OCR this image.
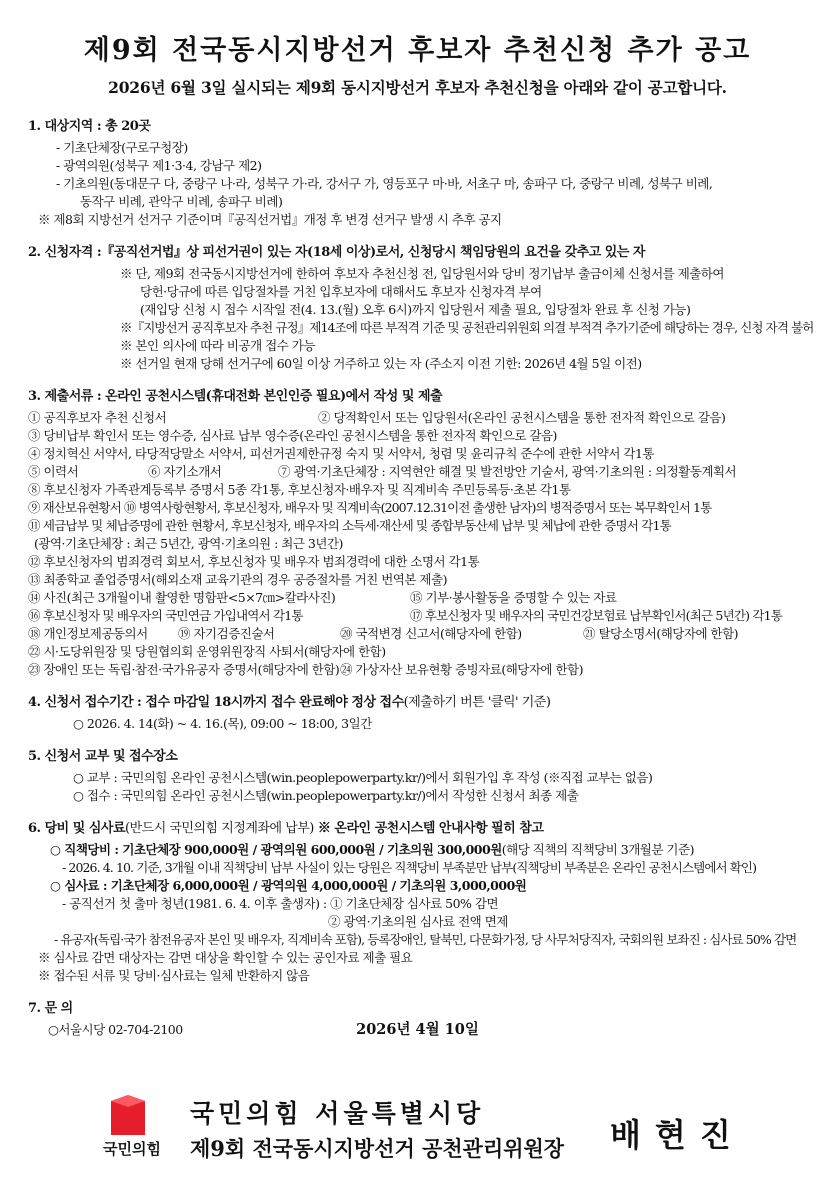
제9회 전국동시지방선거 후보자 추천신청 추가 공고
2026년 6월 3일 실시되는 제9회 동시지방선거 후보자 추천신청을 아래와 같이 공고합니다.
1. 대상지역 : 총 20곳
- 기초단체장(구로구청장)
- 광역의원(성북구 제1·3·4, 강남구 제2)
- 기초의원(동대문구 다, 중랑구 나·라, 성북구 가·라, 강서구 가, 영등포구 마·바, 서초구 마, 송파구 다, 중랑구 비례, 성북구 비례,
동작구 비례, 관악구 비례, 송파구 비례)
※ 제8회 지방선거 선거구 기준이며『공직선거법』개정 후 변경 선거구 발생 시 추후 공지
2. 신청자격 :『공직선거법』상 피선거권이 있는 자(18세 이상)로서, 신청당시 책임당원의 요건을 갖추고 있는 자
※ 단, 제9회 전국동시지방선거에 한하여 후보자 추천신청 전, 입당원서와 당비 정기납부 출금이체 신청서를 제출하여
당헌·당규에 따른 입당절차를 거친 입후보자에 대해서도 후보자 신청자격 부여
(재입당 신청 시 접수 시작일 전(4. 13.(월) 오후 6시)까지 입당원서 제출 필요, 입당절차 완료 후 신청 가능)
※『지방선거 공직후보자 추천 규정』제14조에 따른 부적격 기준 및 공천관리위원회 의결 부적격 추가기준에 해당하는 경우, 신청 자격 불허
※ 본인 의사에 따라 비공개 접수 가능
※ 선거일 현재 당해 선거구에 60일 이상 거주하고 있는 자 (주소지 이전 기한: 2026년 4월 5일 이전)
3. 제출서류 : 온라인 공천시스템(휴대전화 본인인증 필요)에서 작성 및 제출
① 공직후보자 추천 신청서	② 당적확인서 또는 입당원서(온라인 공천시스템을 통한 전자적 확인으로 갈음)
③ 당비납부 확인서 또는 영수증, 심사료 납부 영수증(온라인 공천시스템을 통한 전자적 확인으로 갈음)
④ 정치혁신 서약서, 타당적당말소 서약서, 피선거권제한규정 숙지 및 서약서, 청렴 및 윤리규칙 준수에 관한 서약서 각1통
⑤ 이력서	⑥ 자기소개서	⑦ 광역·기초단체장 : 지역현안 해결 및 발전방안 기술서, 광역·기초의원 : 의정활동계획서
⑧ 후보신청자 가족관계등록부 증명서 5종 각1통, 후보신청자·배우자 및 직계비속 주민등록등·초본 각1통
⑨ 재산보유현황서 ⑩ 병역사항현황서, 후보신청자, 배우자 및 직계비속(2007.12.31이전 출생한 남자)의 병적증명서 또는 복무확인서 1통
⑪ 세금납부 및 체납증명에 관한 현황서, 후보신청자, 배우자의 소득세·재산세 및 종합부동산세 납부 및 체납에 관한 증명서 각1통
(광역·기초단체장 : 최근 5년간, 광역·기초의원 : 최근 3년간)
⑫ 후보신청자의 범죄경력 회보서, 후보신청자 및 배우자 범죄경력에 대한 소명서 각1통
⑬ 최종학교 졸업증명서(해외소재 교육기관의 경우 공증절차를 거친 번역본 제출)
⑭ 사진(최근 3개월이내 촬영한 명함판<5×7㎝>칼라사진)	⑮ 기부·봉사활동을 증명할 수 있는 자료
⑯ 후보신청자 및 배우자의 국민연금 가입내역서 각1통	⑰ 후보신청자 및 배우자의 국민건강보험료 납부확인서(최근 5년간) 각1통
⑱ 개인정보제공동의서	⑲ 자기검증진술서	⑳ 국적변경 신고서(해당자에 한함)	㉑ 탈당소명서(해당자에 한함)
㉒ 시·도당위원장 및 당원협의회 운영위원장직 사퇴서(해당자에 한함)
㉓ 장애인 또는 독립·참전·국가유공자 증명서(해당자에 한함) ㉔ 가상자산 보유현황 증빙자료(해당자에 한함)
4. 신청서 접수기간 : 접수 마감일 18시까지 접수 완료해야 정상 접수(제출하기 버튼 '클릭' 기준)
○ 2026. 4. 14(화) ~ 4. 16.(목), 09:00 ~ 18:00, 3일간
5. 신청서 교부 및 접수장소
○ 교부 : 국민의힘 온라인 공천시스템(win.peoplepowerparty.kr/)에서 회원가입 후 작성 (※직접 교부는 없음)
○ 접수 : 국민의힘 온라인 공천시스템(win.peoplepowerparty.kr/)에서 작성한 신청서 최종 제출
6. 당비 및 심사료(반드시 국민의힘 지정계좌에 납부) ※ 온라인 공천시스템 안내사항 필히 참고
○ 직책당비 : 기초단체장 900,000원 / 광역의원 600,000원 / 기초의원 300,000원(해당 직책의 직책당비 3개월분 기준)
- 2026. 4. 10. 기준, 3개월 이내 직책당비 납부 사실이 있는 당원은 직책당비 부족분만 납부(직책당비 부족분은 온라인 공천시스템에서 확인)
○ 심사료 : 기초단체장 6,000,000원 / 광역의원 4,000,000원 / 기초의원 3,000,000원
- 공직선거 첫 출마 청년(1981. 6. 4. 이후 출생자) : ① 기초단체장 심사료 50% 감면
② 광역·기초의원 심사료 전액 면제
- 유공자(독립·국가 참전유공자 본인 및 배우자, 직계비속 포함), 등록장애인, 탈북민, 다문화가정, 당 사무처당직자, 국회의원 보좌진 : 심사료 50% 감면
※ 심사료 감면 대상자는 감면 대상을 확인할 수 있는 공인자료 제출 필요
※ 접수된 서류 및 당비·심사료는 일체 반환하지 않음
7. 문 의
○서울시당 02-704-2100	2026년 4월 10일
국민의힘
국민의힘 서울특별시당
제9회 전국동시지방선거 공천관리위원장 배현진
